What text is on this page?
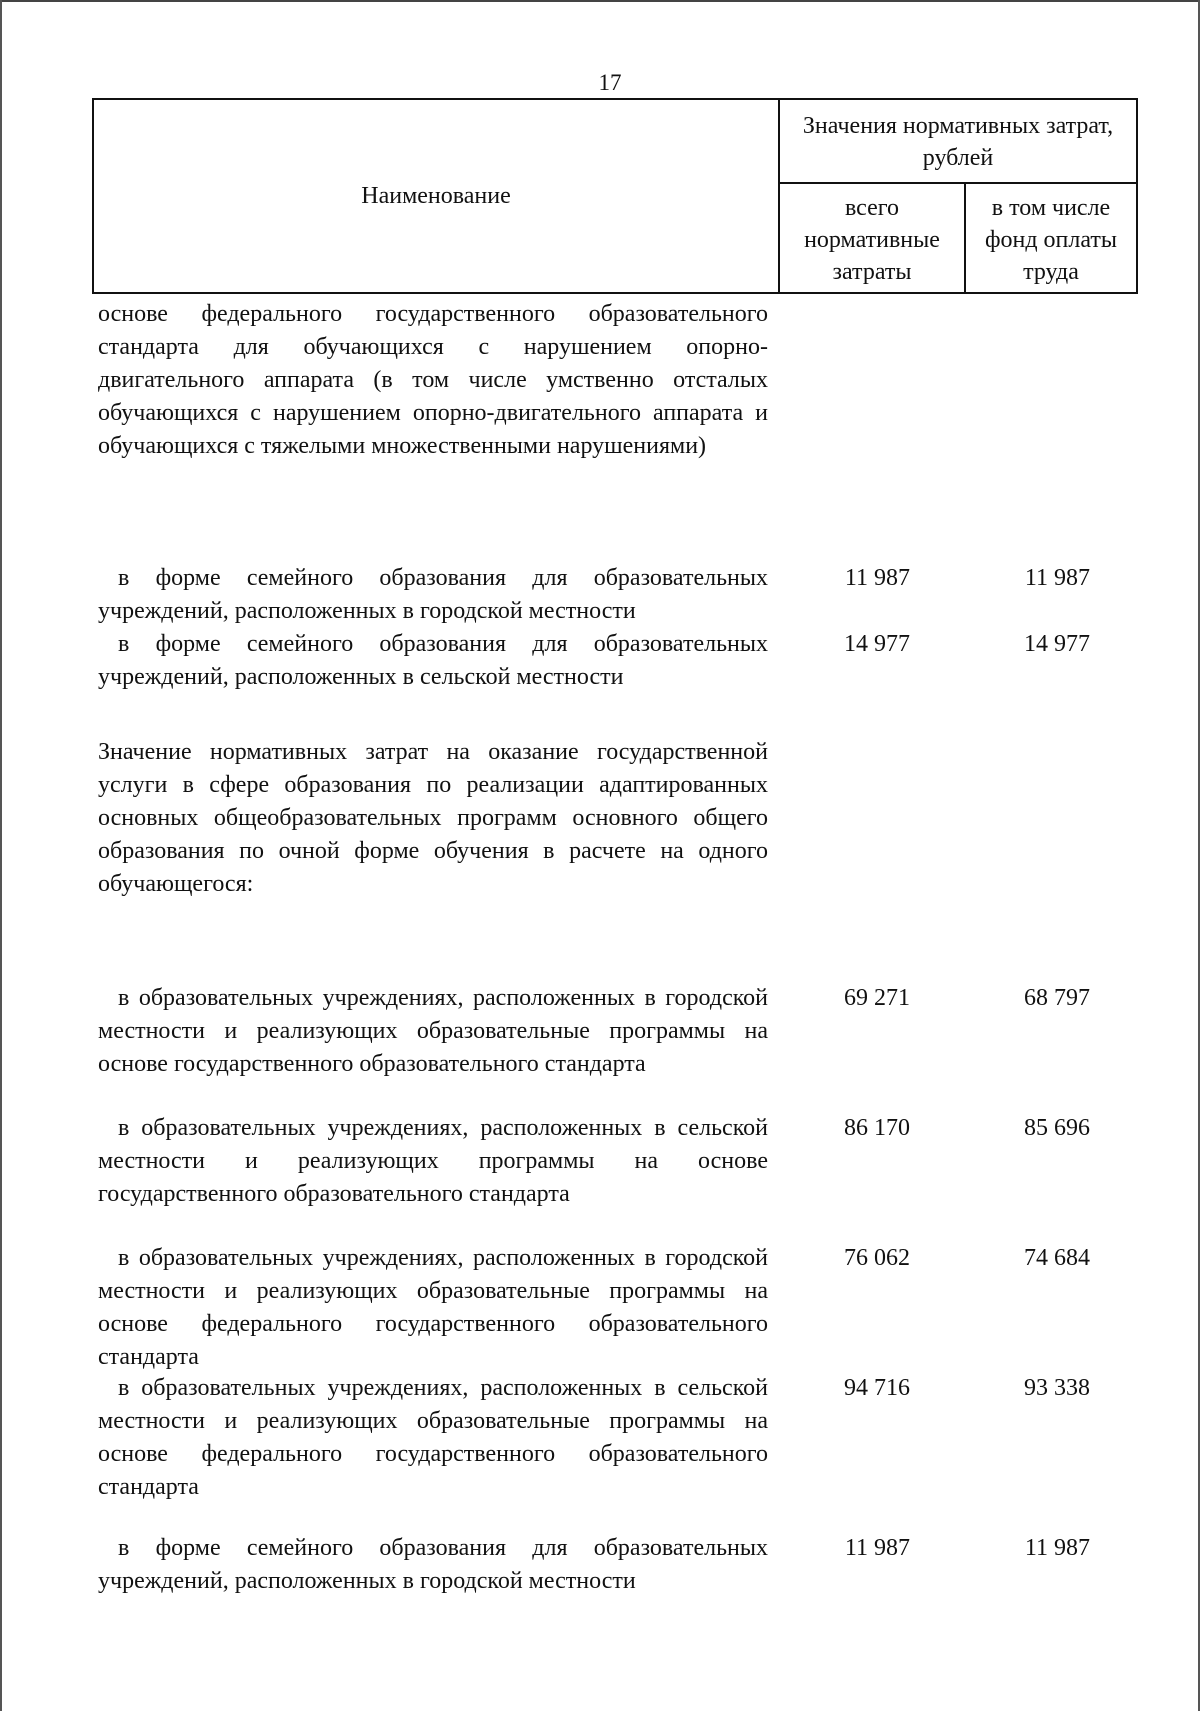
17
Наименование
Значения нормативных затрат, рублей
всего нормативные затраты
в том числе фонд оплаты труда
основе федерального государственного образовательного стандарта для обучающихся с нарушением опорно-двигательного аппарата (в том числе умственно отсталых обучающихся с нарушением опорно-двигательного аппарата и обучающихся с тяжелыми множественными нарушениями)
в форме семейного образования для образовательных учреждений, расположенных в городской местности
11 987	11 987
в форме семейного образования для образовательных учреждений, расположенных в сельской местности
14 977	14 977
Значение нормативных затрат на оказание государственной услуги в сфере образования по реализации адаптированных основных общеобразовательных программ основного общего образования по очной форме обучения в расчете на одного обучающегося:
в образовательных учреждениях, расположенных в городской местности и реализующих образовательные программы на основе государственного образовательного стандарта
69 271	68 797
в образовательных учреждениях, расположенных в сельской местности и реализующих программы на основе государственного образовательного стандарта
86 170	85 696
в образовательных учреждениях, расположенных в городской местности и реализующих образовательные программы на основе федерального государственного образовательного стандарта
76 062	74 684
в образовательных учреждениях, расположенных в сельской местности и реализующих образовательные программы на основе федерального государственного образовательного стандарта
94 716	93 338
в форме семейного образования для образовательных учреждений, расположенных в городской местности
11 987	11 987
